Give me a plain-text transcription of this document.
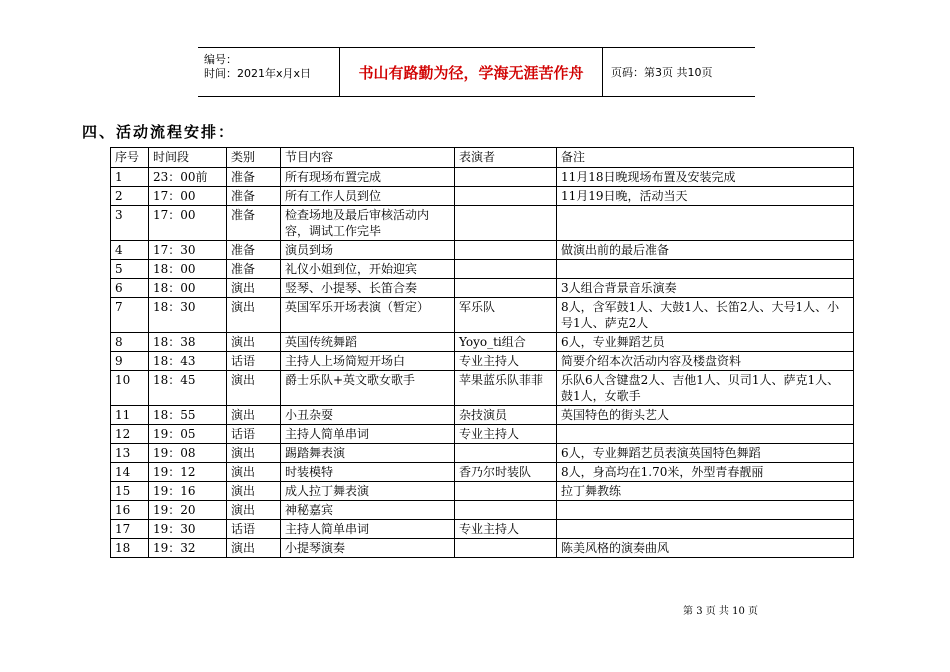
编号：
时间：2021年x月x日	书山有路勤为径，学海无涯苦作舟	页码：第3页 共10页
四、活动流程安排：
序号	时间段	类别	节目内容	表演者	备注
1	23：00前	准备	所有现场布置完成		11月18日晚现场布置及安装完成
2	17：00	准备	所有工作人员到位		11月19日晚，活动当天
3	17：00	准备	检查场地及最后审核活动内容，调试工作完毕		
4	17：30	准备	演员到场		做演出前的最后准备
5	18：00	准备	礼仪小姐到位，开始迎宾		
6	18：00	演出	竖琴、小提琴、长笛合奏		3人组合背景音乐演奏
7	18：30	演出	英国军乐开场表演（暂定）	军乐队	8人，含军鼓1人、大鼓1人、长笛2人、大号1人、小号1人、萨克2人
8	18：38	演出	英国传统舞蹈	Yoyo_ti组合	6人，专业舞蹈艺员
9	18：43	话语	主持人上场简短开场白	专业主持人	简要介绍本次活动内容及楼盘资料
10	18：45	演出	爵士乐队+英文歌女歌手	苹果蓝乐队菲菲	乐队6人含键盘2人、吉他1人、贝司1人、萨克1人、鼓1人，女歌手
11	18：55	演出	小丑杂耍	杂技演员	英国特色的街头艺人
12	19：05	话语	主持人简单串词	专业主持人	
13	19：08	演出	踢踏舞表演		6人，专业舞蹈艺员表演英国特色舞蹈
14	19：12	演出	时装模特	香乃尔时装队	8人，身高均在1.70米，外型青春靓丽
15	19：16	演出	成人拉丁舞表演		拉丁舞教练
16	19：20	演出	神秘嘉宾		
17	19：30	话语	主持人简单串词	专业主持人	
18	19：32	演出	小提琴演奏		陈美风格的演奏曲风
第 3 页 共 10 页
